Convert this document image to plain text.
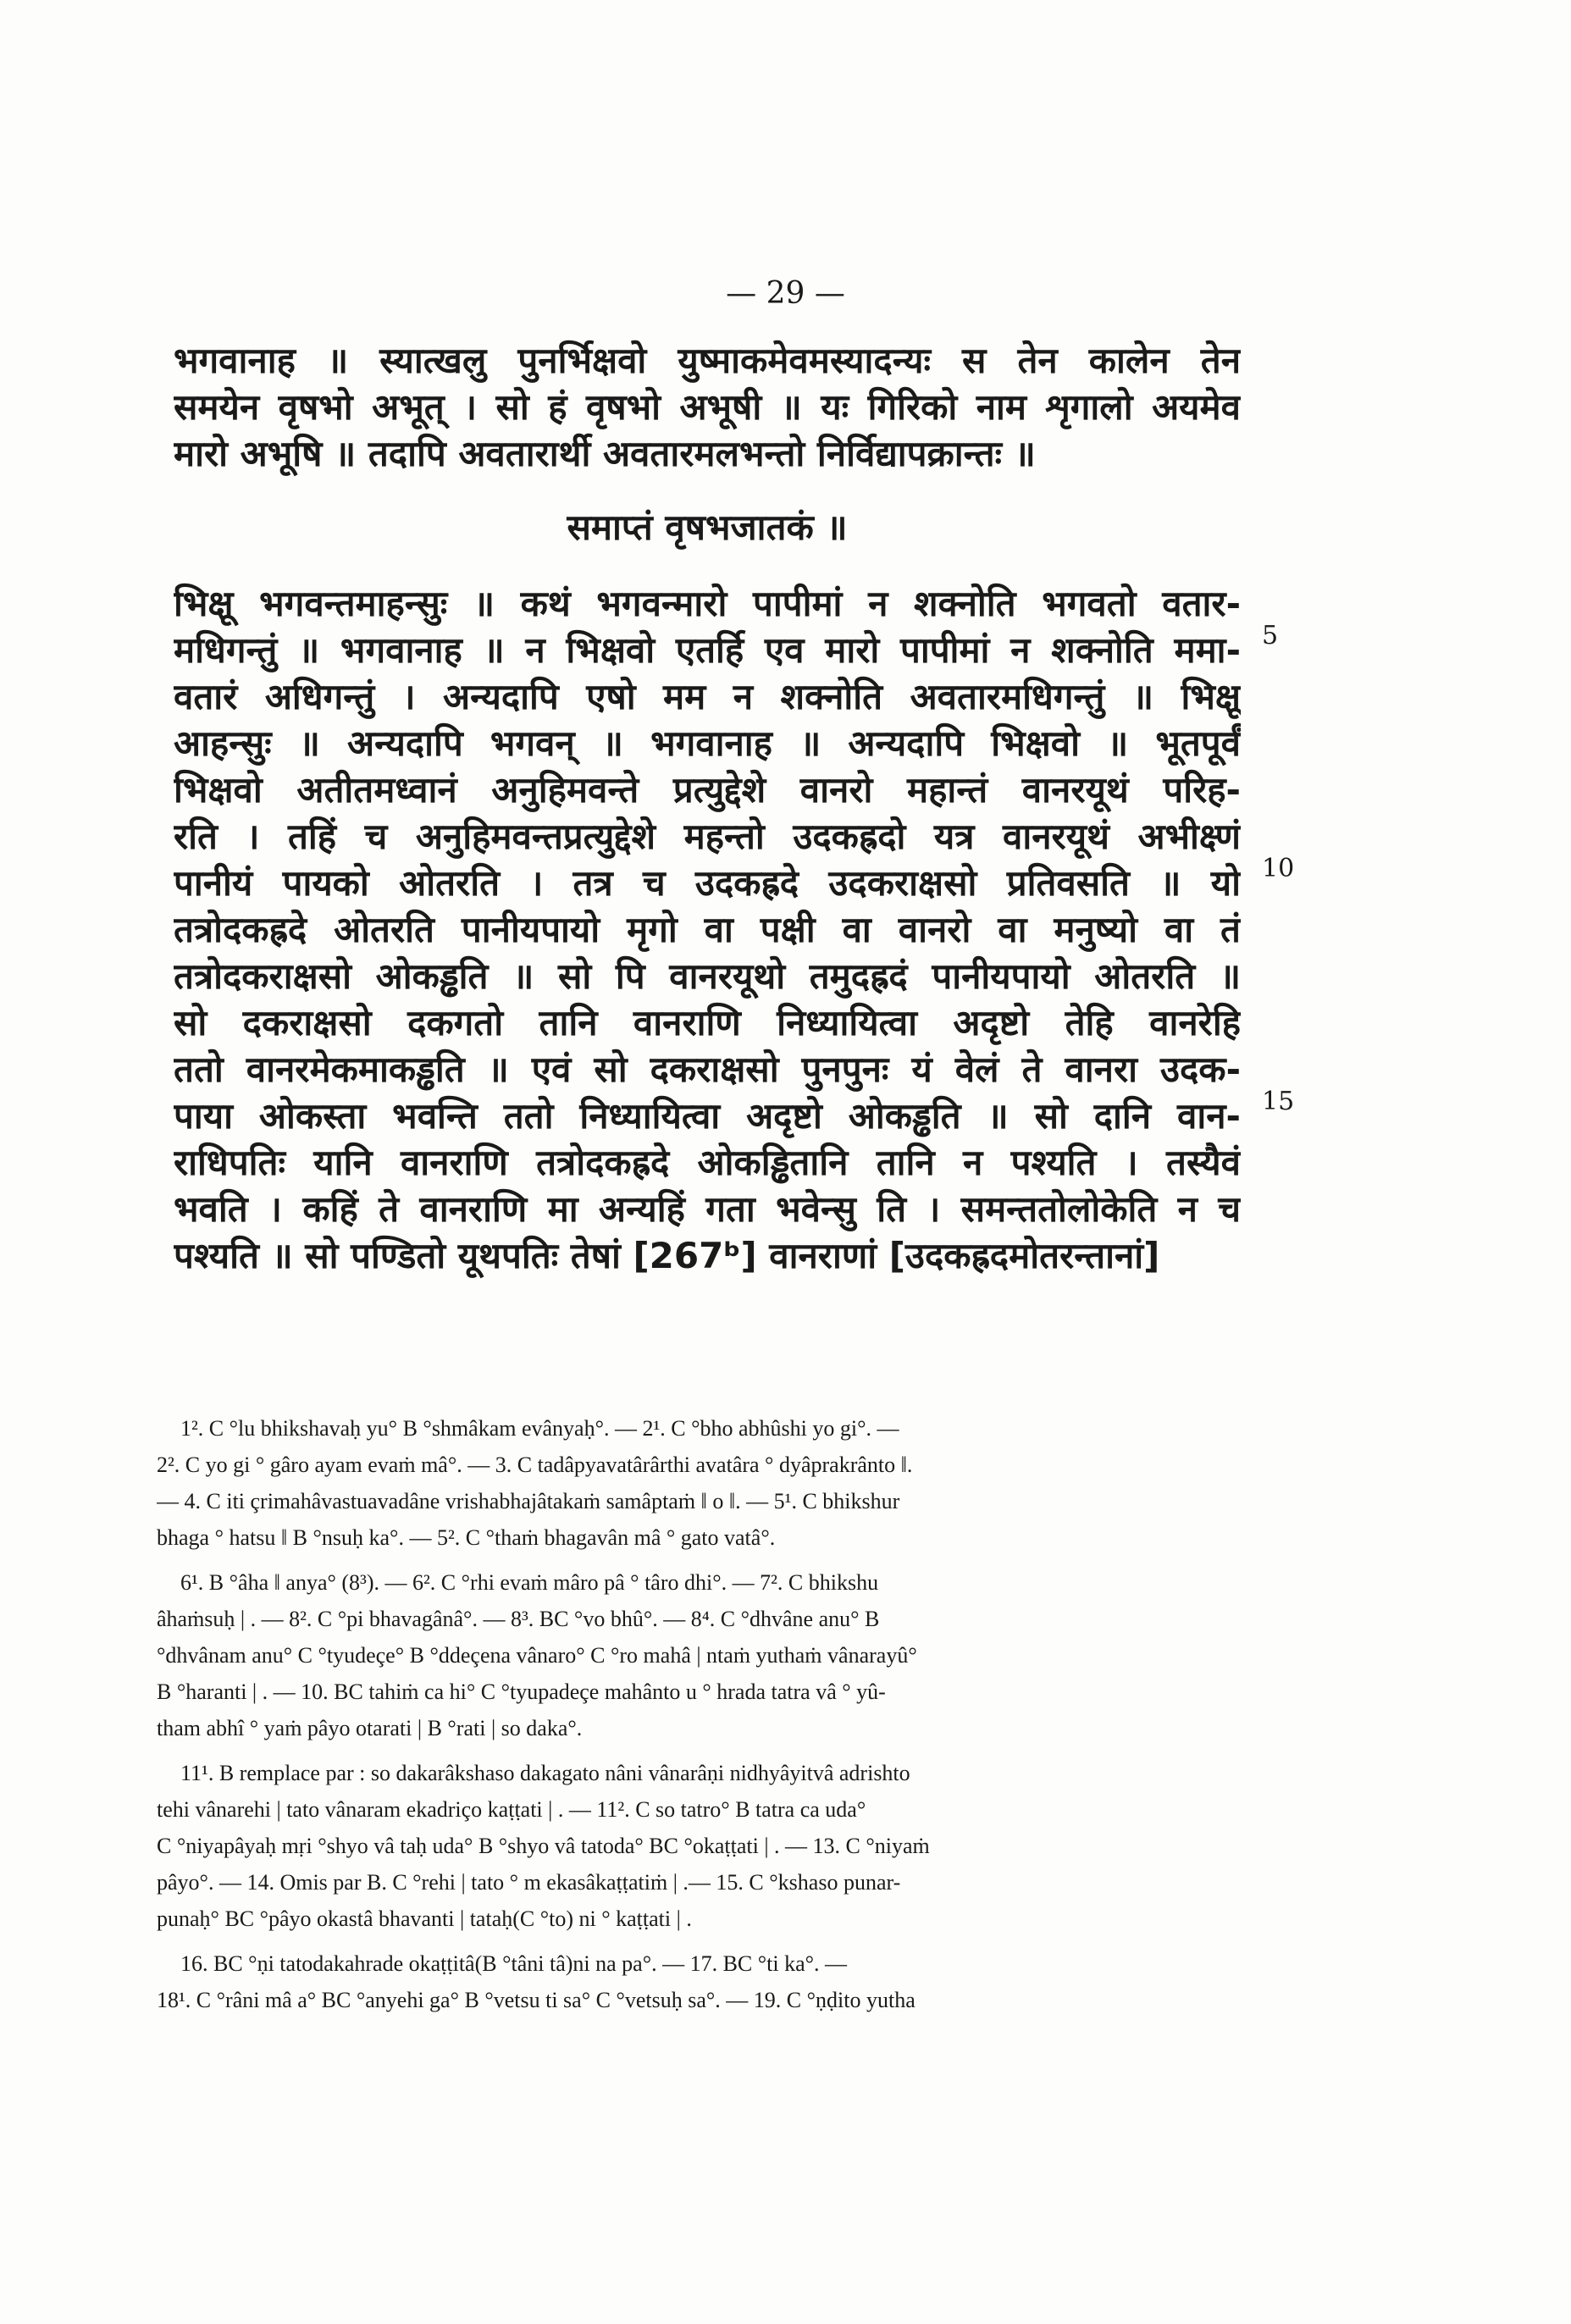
— 29 —
भगवानाह ॥ स्यात्खलु पुनर्भिक्षवो युष्माकमेवमस्यादन्यः स तेन कालेन तेन
समयेन वृषभो अभूत् । सो हं वृषभो अभूषी ॥ यः गिरिको नाम शृगालो अयमेव
मारो अभूषि ॥ तदापि अवतारार्थी अवतारमलभन्तो निर्विद्यापक्रान्तः ॥
समाप्तं वृषभजातकं ॥
भिक्षू भगवन्तमाहन्सुः ॥ कथं भगवन्मारो पापीमां न शक्नोति भगवतो वतार-
मधिगन्तुं ॥ भगवानाह ॥ न भिक्षवो एतर्हि एव मारो पापीमां न शक्नोति ममा-
वतारं अधिगन्तुं । अन्यदापि एषो मम न शक्नोति अवतारमधिगन्तुं ॥ भिक्षू
आहन्सुः ॥ अन्यदापि भगवन् ॥ भगवानाह ॥ अन्यदापि भिक्षवो ॥ भूतपूर्वं
भिक्षवो अतीतमध्वानं अनुहिमवन्ते प्रत्युद्देशे वानरो महान्तं वानरयूथं परिह-
रति । तहिं च अनुहिमवन्तप्रत्युद्देशे महन्तो उदकह्रदो यत्र वानरयूथं अभीक्ष्णं
पानीयं पायको ओतरति । तत्र च उदकह्रदे उदकराक्षसो प्रतिवसति ॥ यो
तत्रोदकह्रदे ओतरति पानीयपायो मृगो वा पक्षी वा वानरो वा मनुष्यो वा तं
तत्रोदकराक्षसो ओकड्ढति ॥ सो पि वानरयूथो तमुदह्रदं पानीयपायो ओतरति ॥
सो दकराक्षसो दकगतो तानि वानराणि निध्यायित्वा अदृष्टो तेहि वानरेहि
ततो वानरमेकमाकड्ढति ॥ एवं सो दकराक्षसो पुनपुनः यं वेलं ते वानरा उदक-
पाया ओकस्ता भवन्ति ततो निध्यायित्वा अदृष्टो ओकड्ढति ॥ सो दानि वान-
राधिपतिः यानि वानराणि तत्रोदकह्रदे ओकड्ढितानि तानि न पश्यति । तस्यैवं
भवति । कहिं ते वानराणि मा अन्यहिं गता भवेन्सु ति । समन्ततोलोकेति न च
पश्यति ॥ सो पण्डितो यूथपतिः तेषां [267ᵇ] वानराणां [उदकह्रदमोतरन्तानां]
5
10
15
1². C °lu bhikshavaḥ yu° B °shmâkam evânyaḥ°. — 2¹. C °bho abhûshi yo gi°. —
2². C yo gi ° gâro ayam evaṁ mâ°. — 3. C tadâpyavatârârthi avatâra ° dyâprakrânto ‖.
— 4. C iti çrimahâvastuavadâne vrishabhajâtakaṁ samâptaṁ ‖ o ‖. — 5¹. C bhikshur
bhaga ° hatsu ‖ B °nsuḥ ka°. — 5². C °thaṁ bhagavân mâ ° gato vatâ°.
6¹. B °âha ‖ anya° (8³). — 6². C °rhi evaṁ mâro pâ ° târo dhi°. — 7². C bhikshu
âhaṁsuḥ | . — 8². C °pi bhavagânâ°. — 8³. BC °vo bhû°. — 8⁴. C °dhvâne anu° B
°dhvânam anu° C °tyudeçe° B °ddeçena vânaro° C °ro mahâ | ntaṁ yuthaṁ vânarayû°
B °haranti | . — 10. BC tahiṁ ca hi° C °tyupadeçe mahânto u ° hrada tatra vâ ° yû-
tham abhî ° yaṁ pâyo otarati | B °rati | so daka°.
11¹. B remplace par : so dakarâkshaso dakagato nâni vânarâṇi nidhyâyitvâ adrishto
tehi vânarehi | tato vânaram ekadriço kaṭṭati | . — 11². C so tatro° B tatra ca uda°
C °niyapâyaḥ mṛi °shyo vâ taḥ uda° B °shyo vâ tatoda° BC °okaṭṭati | . — 13. C °niyaṁ
pâyo°. — 14. Omis par B. C °rehi | tato ° m ekasâkaṭṭatiṁ | .— 15. C °kshaso punar-
punaḥ° BC °pâyo okastâ bhavanti | tataḥ(C °to) ni ° kaṭṭati | .
16. BC °ṇi tatodakahrade okaṭṭitâ(B °tâni tâ)ni na pa°. — 17. BC °ti ka°. —
18¹. C °râni mâ a° BC °anyehi ga° B °vetsu ti sa° C °vetsuḥ sa°. — 19. C °ṇḍito yutha
